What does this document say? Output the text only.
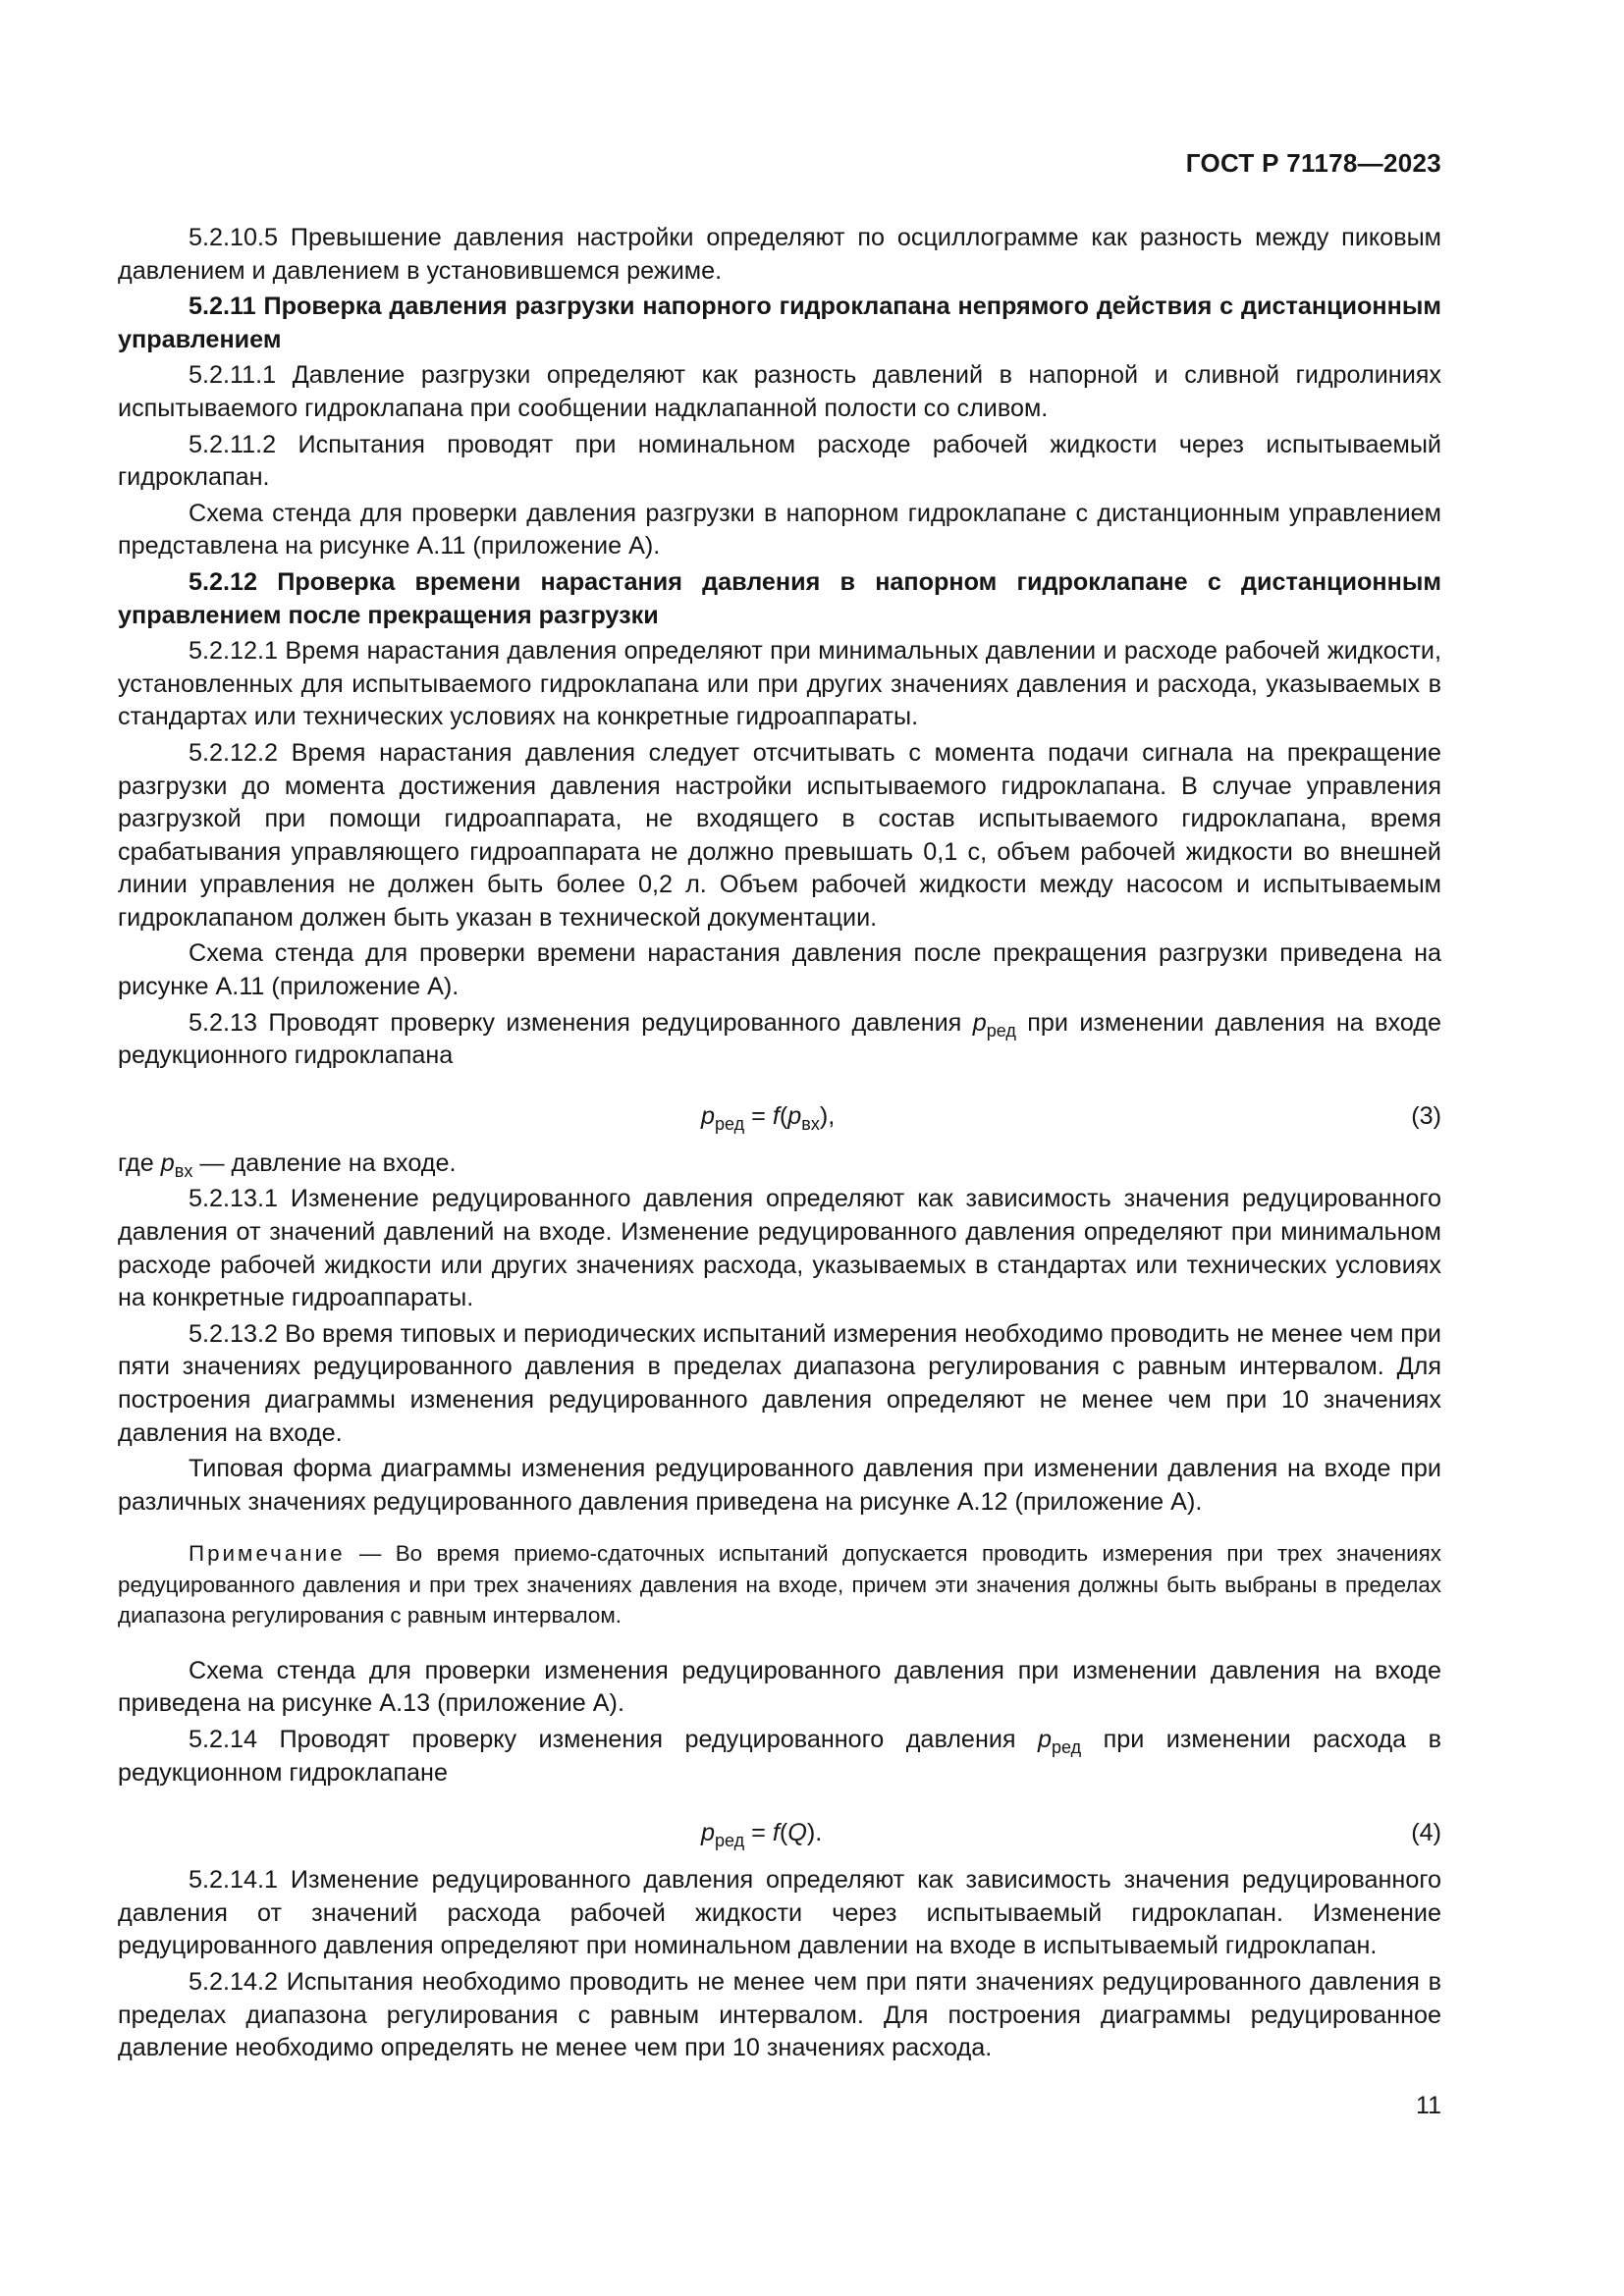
ГОСТ Р 71178—2023

5.2.10.5 Превышение давления настройки определяют по осциллограмме как разность между пиковым давлением и давлением в установившемся режиме.

5.2.11 Проверка давления разгрузки напорного гидроклапана непрямого действия с дистанционным управлением

5.2.11.1 Давление разгрузки определяют как разность давлений в напорной и сливной гидролиниях испытываемого гидроклапана при сообщении надклапанной полости со сливом.

5.2.11.2 Испытания проводят при номинальном расходе рабочей жидкости через испытываемый гидроклапан.

Схема стенда для проверки давления разгрузки в напорном гидроклапане с дистанционным управлением представлена на рисунке А.11 (приложение А).

5.2.12 Проверка времени нарастания давления в напорном гидроклапане с дистанционным управлением после прекращения разгрузки

5.2.12.1 Время нарастания давления определяют при минимальных давлении и расходе рабочей жидкости, установленных для испытываемого гидроклапана или при других значениях давления и расхода, указываемых в стандартах или технических условиях на конкретные гидроаппараты.

5.2.12.2 Время нарастания давления следует отсчитывать с момента подачи сигнала на прекращение разгрузки до момента достижения давления настройки испытываемого гидроклапана. В случае управления разгрузкой при помощи гидроаппарата, не входящего в состав испытываемого гидроклапана, время срабатывания управляющего гидроаппарата не должно превышать 0,1 с, объем рабочей жидкости во внешней линии управления не должен быть более 0,2 л. Объем рабочей жидкости между насосом и испытываемым гидроклапаном должен быть указан в технической документации.

Схема стенда для проверки времени нарастания давления после прекращения разгрузки приведена на рисунке А.11 (приложение А).

5.2.13 Проводят проверку изменения редуцированного давления $p_{ред}$ при изменении давления на входе редукционного гидроклапана

$p_{ред} = f(p_{вх})$,	(3)

где $p_{вх}$ — давление на входе.

5.2.13.1 Изменение редуцированного давления определяют как зависимость значения редуцированного давления от значений давлений на входе. Изменение редуцированного давления определяют при минимальном расходе рабочей жидкости или других значениях расхода, указываемых в стандартах или технических условиях на конкретные гидроаппараты.

5.2.13.2 Во время типовых и периодических испытаний измерения необходимо проводить не менее чем при пяти значениях редуцированного давления в пределах диапазона регулирования с равным интервалом. Для построения диаграммы изменения редуцированного давления определяют не менее чем при 10 значениях давления на входе.

Типовая форма диаграммы изменения редуцированного давления при изменении давления на входе при различных значениях редуцированного давления приведена на рисунке А.12 (приложение А).

Примечание — Во время приемо-сдаточных испытаний допускается проводить измерения при трех значениях редуцированного давления и при трех значениях давления на входе, причем эти значения должны быть выбраны в пределах диапазона регулирования с равным интервалом.

Схема стенда для проверки изменения редуцированного давления при изменении давления на входе приведена на рисунке А.13 (приложение А).

5.2.14 Проводят проверку изменения редуцированного давления $p_{ред}$ при изменении расхода в редукционном гидроклапане

$p_{ред} = f(Q)$.	(4)

5.2.14.1 Изменение редуцированного давления определяют как зависимость значения редуцированного давления от значений расхода рабочей жидкости через испытываемый гидроклапан. Изменение редуцированного давления определяют при номинальном давлении на входе в испытываемый гидроклапан.

5.2.14.2 Испытания необходимо проводить не менее чем при пяти значениях редуцированного давления в пределах диапазона регулирования с равным интервалом. Для построения диаграммы редуцированное давление необходимо определять не менее чем при 10 значениях расхода.

11
